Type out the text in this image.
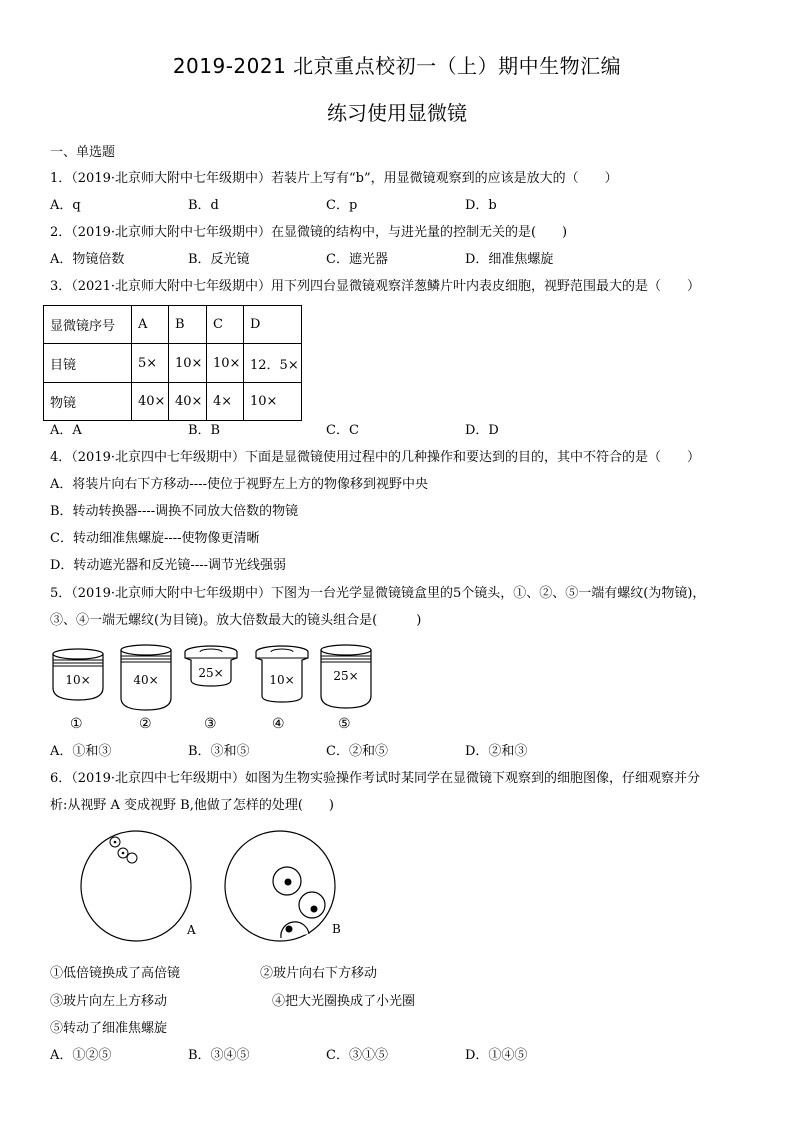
2019-2021 北京重点校初一（上）期中生物汇编
练习使用显微镜
一、单选题
1．（2019·北京师大附中七年级期中）若装片上写有“b”，用显微镜观察到的应该是放大的（　　）
A．q	B．d	C．p	D．b
2．（2019·北京师大附中七年级期中）在显微镜的结构中，与进光量的控制无关的是(　　)
A．物镜倍数	B．反光镜	C．遮光器	D．细准焦螺旋
3．（2021·北京师大附中七年级期中）用下列四台显微镜观察洋葱鳞片叶内表皮细胞，视野范围最大的是（　　）
显微镜序号	A	B	C	D
目镜	5×	10×	10×	12．5×
物镜	40×	40×	4×	10×
A．A	B．B	C．C	D．D
4．（2019·北京四中七年级期中）下面是显微镜使用过程中的几种操作和要达到的目的，其中不符合的是（　　）
A．将装片向右下方移动----使位于视野左上方的物像移到视野中央
B．转动转换器----调换不同放大倍数的物镜
C．转动细准焦螺旋----使物像更清晰
D．转动遮光器和反光镜----调节光线强弱
5．（2019·北京师大附中七年级期中）下图为一台光学显微镜镜盒里的5个镜头，①、②、⑤一端有螺纹(为物镜)，
③、④一端无螺纹(为目镜)。放大倍数最大的镜头组合是(　　　)
10×	40×	25×	10×	25×
①	②	③	④	⑤
A．①和③	B．③和⑤	C．②和⑤	D．②和③
6．（2019·北京四中七年级期中）如图为生物实验操作考试时某同学在显微镜下观察到的细胞图像，仔细观察并分
析:从视野 A 变成视野 B,他做了怎样的处理(　　)
A	B
①低倍镜换成了高倍镜	②玻片向右下方移动
③玻片向左上方移动	④把大光圈换成了小光圈
⑤转动了细准焦螺旋
A．①②⑤	B．③④⑤	C．③①⑤	D．①④⑤
